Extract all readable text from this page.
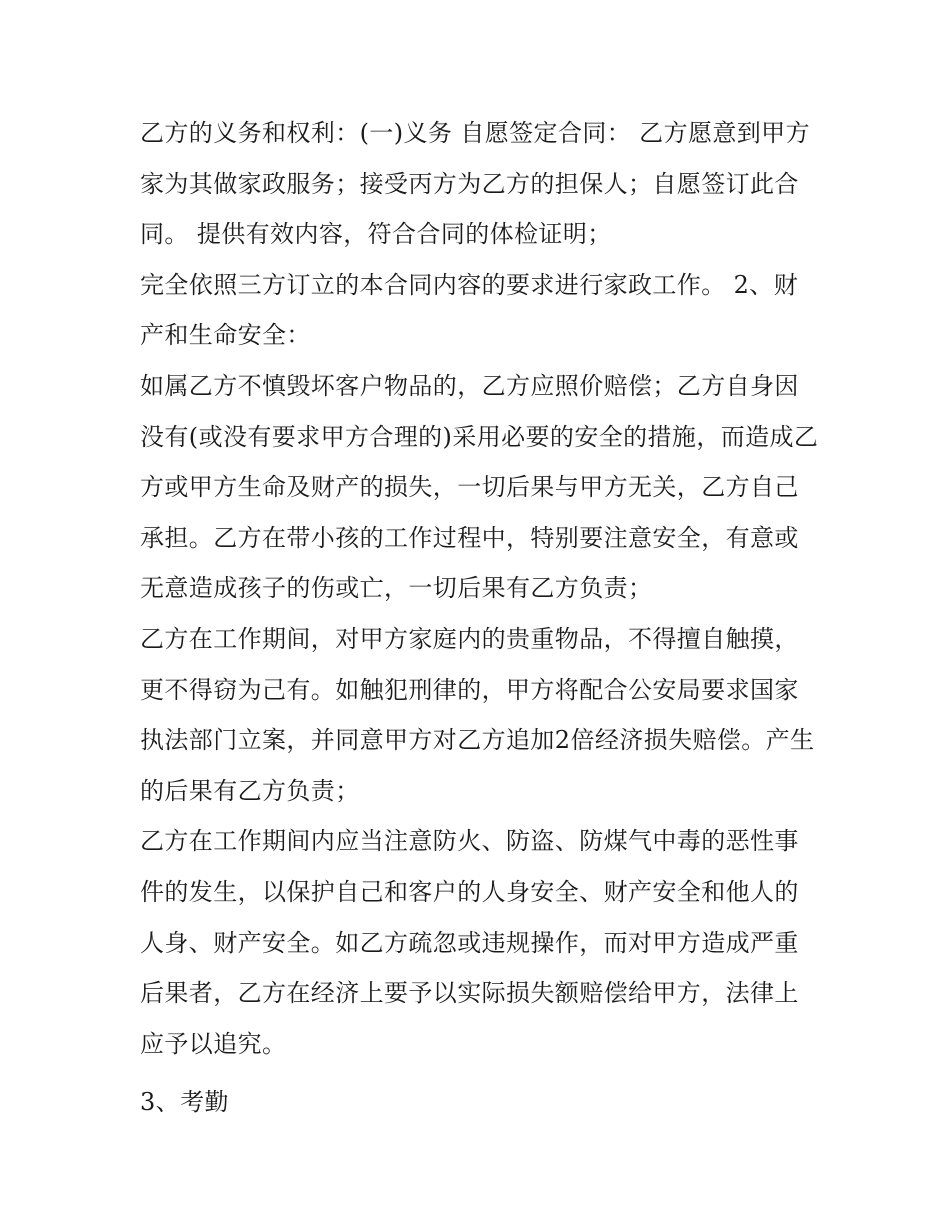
乙方的义务和权利：(一)义务 自愿签定合同： 乙方愿意到甲方家为其做家政服务；接受丙方为乙方的担保人；自愿签订此合同。 提供有效内容，符合合同的体检证明；

完全依照三方订立的本合同内容的要求进行家政工作。 2、财产和生命安全：

如属乙方不慎毁坏客户物品的，乙方应照价赔偿；乙方自身因没有(或没有要求甲方合理的)采用必要的安全的措施，而造成乙方或甲方生命及财产的损失，一切后果与甲方无关，乙方自己承担。乙方在带小孩的工作过程中，特别要注意安全，有意或无意造成孩子的伤或亡，一切后果有乙方负责；

乙方在工作期间，对甲方家庭内的贵重物品，不得擅自触摸，更不得窃为己有。如触犯刑律的，甲方将配合公安局要求国家执法部门立案，并同意甲方对乙方追加2倍经济损失赔偿。产生的后果有乙方负责；

乙方在工作期间内应当注意防火、防盗、防煤气中毒的恶性事件的发生，以保护自己和客户的人身安全、财产安全和他人的人身、财产安全。如乙方疏忽或违规操作，而对甲方造成严重后果者，乙方在经济上要予以实际损失额赔偿给甲方，法律上应予以追究。

3、考勤
